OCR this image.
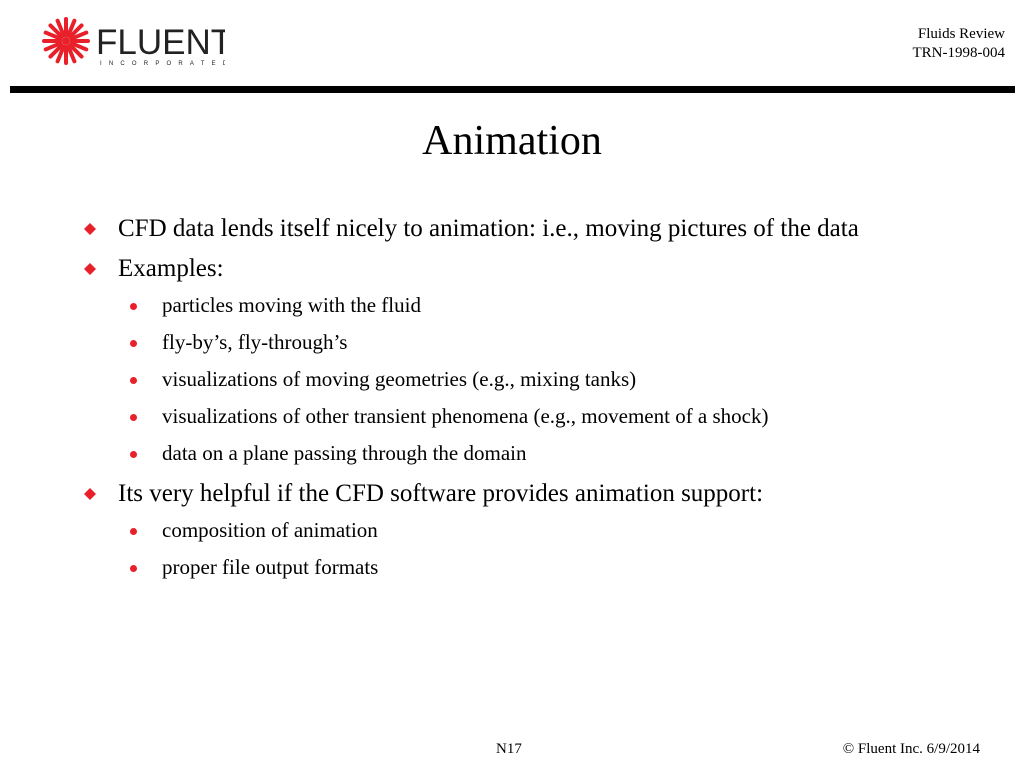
FLUENT
INCORPORATED
Fluids Review
TRN-1998-004
Animation
CFD data lends itself nicely to animation: i.e., moving pictures of the data
Examples:
particles moving with the fluid
fly-by’s, fly-through’s
visualizations of moving geometries (e.g., mixing tanks)
visualizations of other transient phenomena (e.g., movement of a shock)
data on a plane passing through the domain
Its very helpful if the CFD software provides animation support:
composition of animation
proper file output formats
N17	© Fluent Inc. 6/9/2014
